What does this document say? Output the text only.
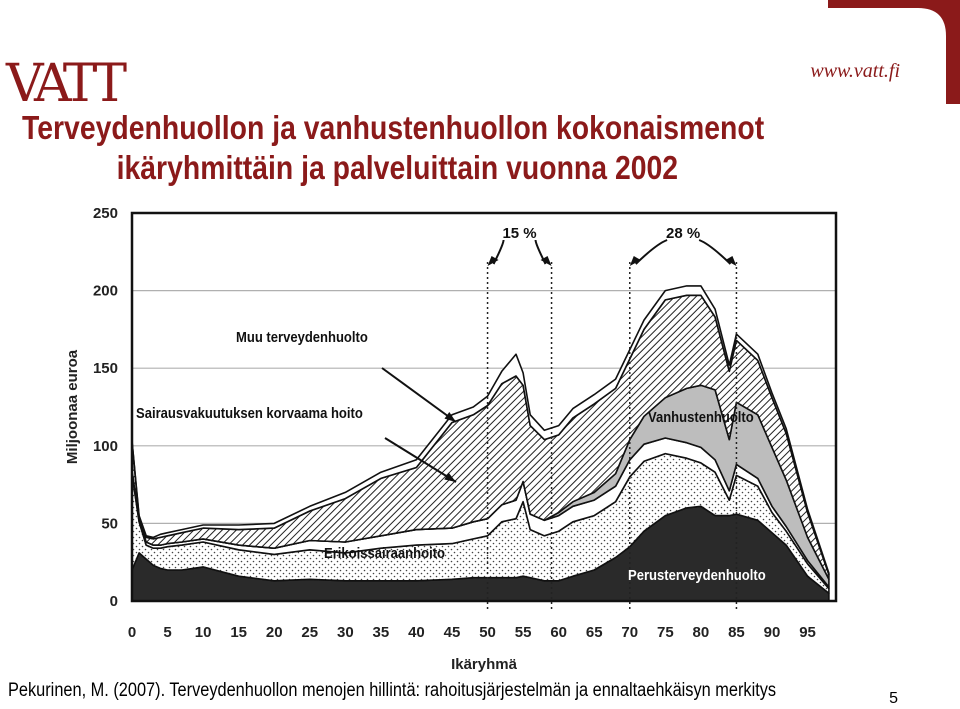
VATT	www.vatt.fi
Terveydenhuollon ja vanhustenhuollon kokonaismenot
ikäryhmittäin ja palveluittain vuonna 2002
15 %	28 %
0
50
100
150
200
250
0 5 10 15 20 25 30 35 40 45 50 55 60 65 70 75 80 85 90 95
Ikäryhmä
Miljoonaa euroa
Muu terveydenhuolto
Sairausvakuutuksen korvaama hoito	Vanhustenhuolto
Erikoissairaanhoito
Perusterveydenhuolto
Pekurinen, M. (2007). Terveydenhuollon menojen hillintä: rahoitusjärjestelmän ja ennaltaehkäisyn merkitys	5
